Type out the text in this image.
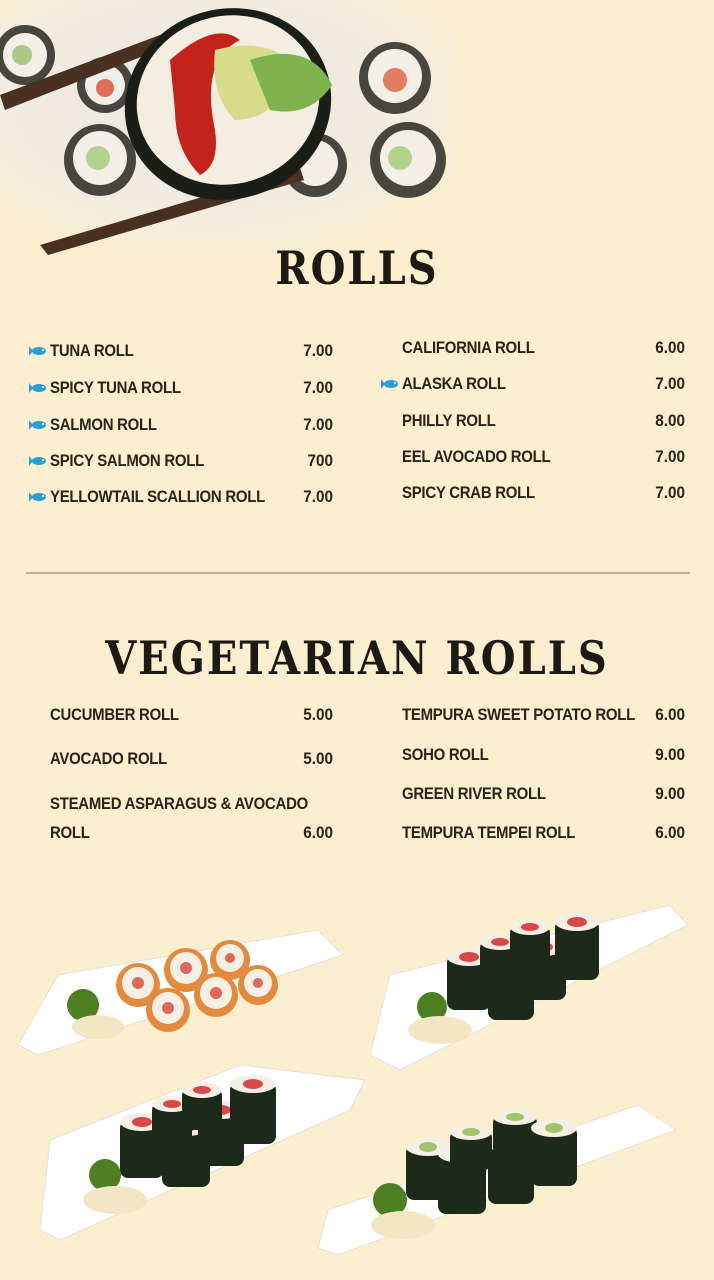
ROLLS
TUNA ROLL	7.00
SPICY TUNA ROLL	7.00
SALMON ROLL	7.00
SPICY SALMON ROLL	700
YELLOWTAIL SCALLION ROLL	7.00
CALIFORNIA ROLL	6.00
ALASKA ROLL	7.00
PHILLY ROLL	8.00
EEL AVOCADO ROLL	7.00
SPICY CRAB ROLL	7.00
VEGETARIAN ROLLS
CUCUMBER ROLL	5.00
AVOCADO ROLL	5.00
STEAMED ASPARAGUS & AVOCADO
ROLL	6.00
TEMPURA SWEET POTATO ROLL	6.00
SOHO ROLL	9.00
GREEN RIVER ROLL	9.00
TEMPURA TEMPEI ROLL	6.00
